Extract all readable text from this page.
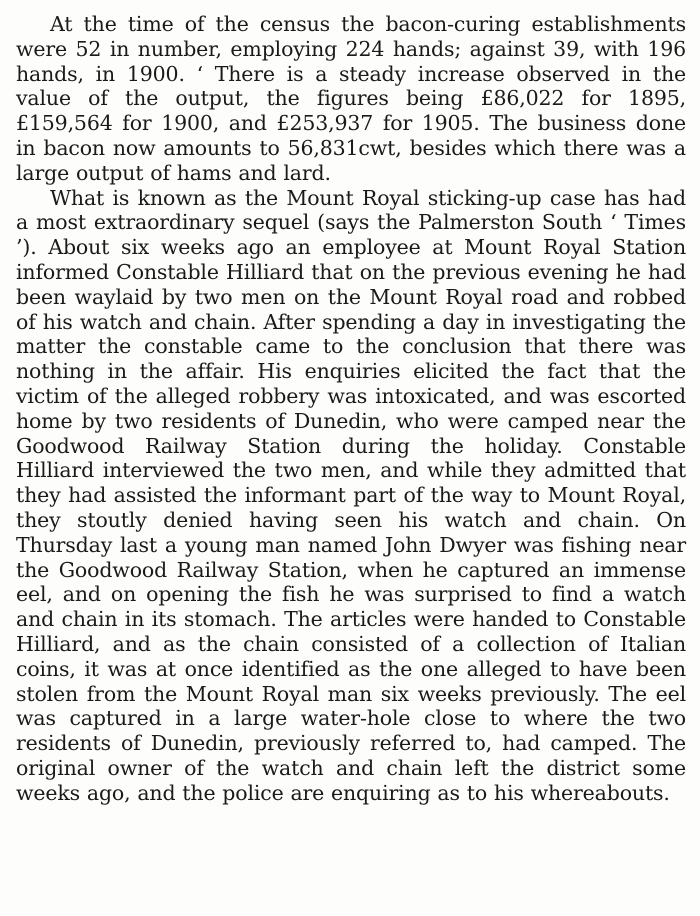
At the time of the census the bacon-curing establishments were 52 in number, employing 224 hands; against 39, with 196 hands, in 1900. ‘ There is a steady increase observed in the value of the output, the figures being £86,022 for 1895, £159,564 for 1900, and £253,937 for 1905. The business done in bacon now amounts to 56,831cwt, besides which there was a large output of hams and lard.

What is known as the Mount Royal sticking-up case has had a most extraordinary sequel (says the Palmerston South ‘ Times ’). About six weeks ago an employee at Mount Royal Station informed Constable Hilliard that on the previous evening he had been waylaid by two men on the Mount Royal road and robbed of his watch and chain. After spending a day in investigating the matter the constable came to the conclusion that there was nothing in the affair. His enquiries elicited the fact that the victim of the alleged robbery was intoxicated, and was escorted home by two residents of Dunedin, who were camped near the Goodwood Railway Station during the holiday. Constable Hilliard interviewed the two men, and while they admitted that they had assisted the informant part of the way to Mount Royal, they stoutly denied having seen his watch and chain. On Thursday last a young man named John Dwyer was fishing near the Goodwood Railway Station, when he captured an immense eel, and on opening the fish he was surprised to find a watch and chain in its stomach. The articles were handed to Constable Hilliard, and as the chain consisted of a collection of Italian coins, it was at once identified as the one alleged to have been stolen from the Mount Royal man six weeks previously. The eel was captured in a large water-hole close to where the two residents of Dunedin, previously referred to, had camped. The original owner of the watch and chain left the district some weeks ago, and the police are enquiring as to his whereabouts.
